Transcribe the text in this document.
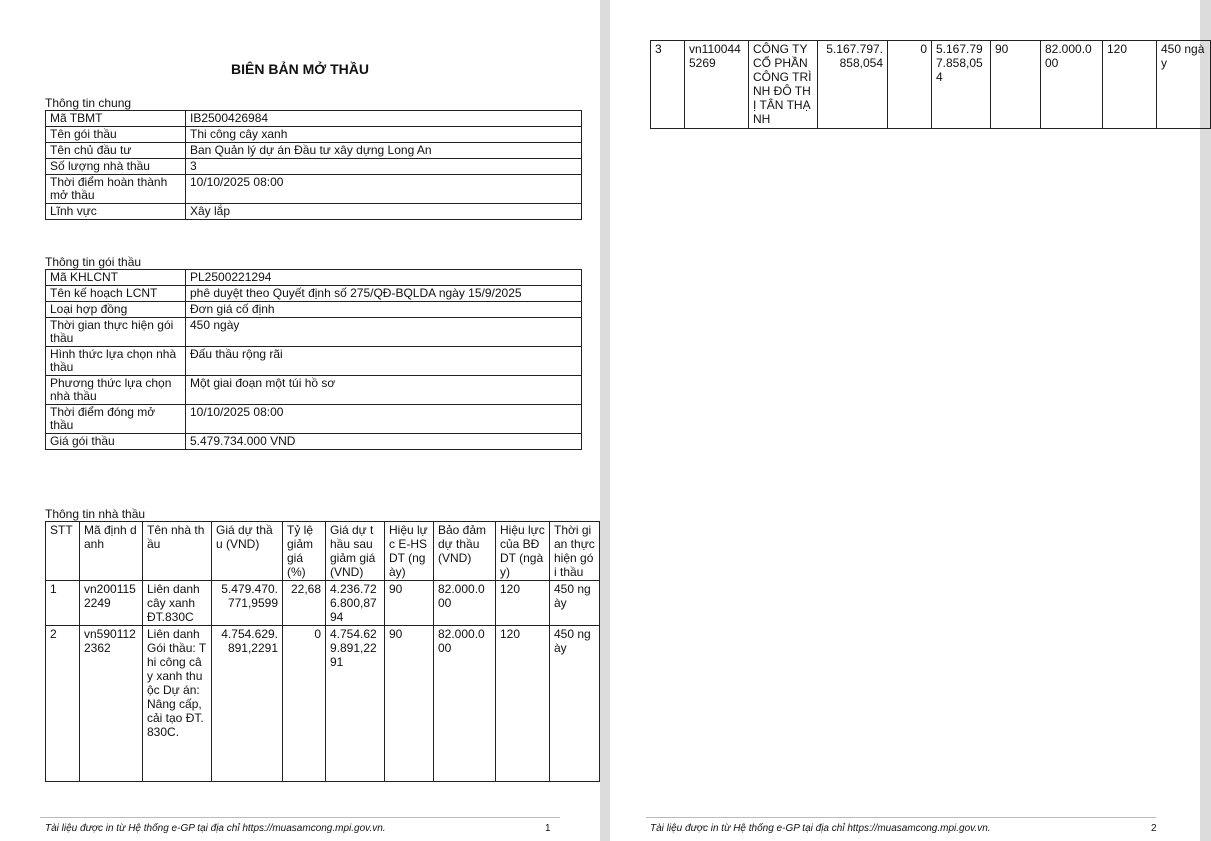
BIÊN BẢN MỞ THẦU
Thông tin chung
Mã TBMT	IB2500426984
Tên gói thầu	Thi công cây xanh
Tên chủ đầu tư	Ban Quản lý dự án Đầu tư xây dựng Long An
Số lượng nhà thầu	3
Thời điểm hoàn thành mở thầu	10/10/2025 08:00
Lĩnh vực	Xây lắp
Thông tin gói thầu
Mã KHLCNT	PL2500221294
Tên kế hoạch LCNT	phê duyệt theo Quyết định số 275/QĐ-BQLDA ngày 15/9/2025
Loại hợp đồng	Đơn giá cố định
Thời gian thực hiện gói thầu	450 ngày
Hình thức lựa chọn nhà thầu	Đấu thầu rộng rãi
Phương thức lựa chọn nhà thầu	Một giai đoạn một túi hồ sơ
Thời điểm đóng mở thầu	10/10/2025 08:00
Giá gói thầu	5.479.734.000 VND
Thông tin nhà thầu
STT	Mã định danh	Tên nhà thầu	Giá dự thầu (VND)	Tỷ lệ giảm giá (%)	Giá dự thầu sau giảm giá (VND)	Hiệu lực E-HSDT (ngày)	Bảo đảm dự thầu (VND)	Hiệu lực của BĐ DT (ngày)	Thời gian thực hiện gói thầu
1	vn2001152249	Liên danh cây xanh ĐT.830C	5.479.470.771,9599	22,68	4.236.726.800,8794	90	82.000.000	120	450 ngày
2	vn5901122362	Liên danh Gói thầu: Thi công cây xanh thuộc Dự án: Nâng cấp, cải tạo ĐT.830C.	4.754.629.891,2291	0	4.754.629.891,2291	90	82.000.000	120	450 ngày
Tài liệu được in từ Hệ thống e-GP tại địa chỉ https://muasamcong.mpi.gov.vn.	1
3	vn1100445269	CÔNG TY CỔ PHẦN CÔNG TRÌNH ĐÔ THỊ TÂN THẠNH	5.167.797.858,054	0	5.167.797.858,054	90	82.000.000	120	450 ngày
Tài liệu được in từ Hệ thống e-GP tại địa chỉ https://muasamcong.mpi.gov.vn.	2
